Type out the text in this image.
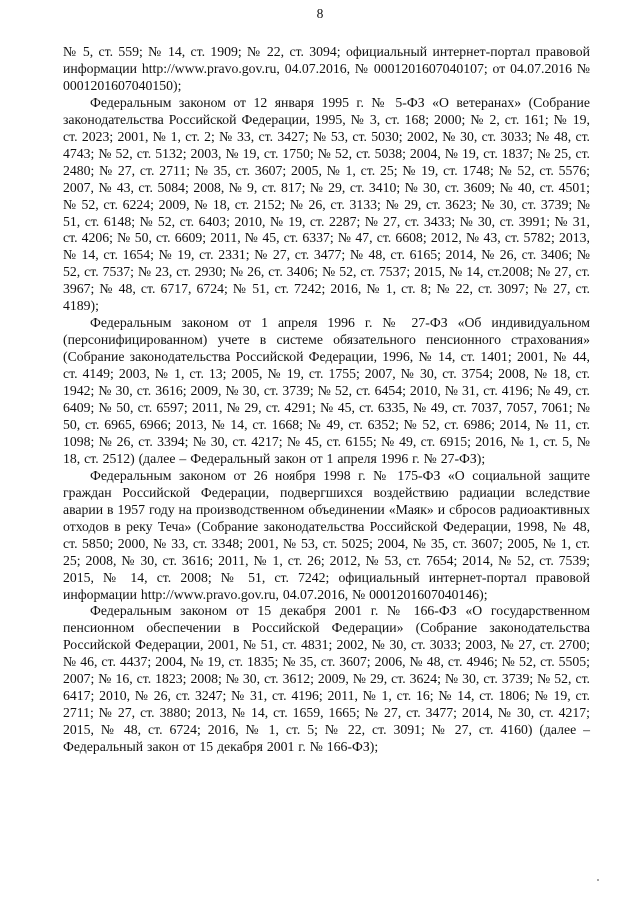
8

№ 5, ст. 559; № 14, ст. 1909; № 22, ст. 3094; официальный интернет-портал правовой информации http://www.pravo.gov.ru, 04.07.2016, № 0001201607040107; от 04.07.2016 № 0001201607040150);

Федеральным законом от 12 января 1995 г. № 5-ФЗ «О ветеранах» (Собрание законодательства Российской Федерации, 1995, № 3, ст. 168; 2000; № 2, ст. 161; № 19, ст. 2023; 2001, № 1, ст. 2; № 33, ст. 3427; № 53, ст. 5030; 2002, № 30, ст. 3033; № 48, ст. 4743; № 52, ст. 5132; 2003, № 19, ст. 1750; № 52, ст. 5038; 2004, № 19, ст. 1837; № 25, ст. 2480; № 27, ст. 2711; № 35, ст. 3607; 2005, № 1, ст. 25; № 19, ст. 1748; № 52, ст. 5576; 2007, № 43, ст. 5084; 2008, № 9, ст. 817; № 29, ст. 3410; № 30, ст. 3609; № 40, ст. 4501; № 52, ст. 6224; 2009, № 18, ст. 2152; № 26, ст. 3133; № 29, ст. 3623; № 30, ст. 3739; № 51, ст. 6148; № 52, ст. 6403; 2010, № 19, ст. 2287; № 27, ст. 3433; № 30, ст. 3991; № 31, ст. 4206; № 50, ст. 6609; 2011, № 45, ст. 6337; № 47, ст. 6608; 2012, № 43, ст. 5782; 2013, № 14, ст. 1654; № 19, ст. 2331; № 27, ст. 3477; № 48, ст. 6165; 2014, № 26, ст. 3406; № 52, ст. 7537; № 23, ст. 2930; № 26, ст. 3406; № 52, ст. 7537; 2015, № 14, ст.2008; № 27, ст. 3967; № 48, ст. 6717, 6724; № 51, ст. 7242; 2016, № 1, ст. 8; № 22, ст. 3097; № 27, ст. 4189);

Федеральным законом от 1 апреля 1996 г. № 27-ФЗ «Об индивидуальном (персонифицированном) учете в системе обязательного пенсионного страхования» (Собрание законодательства Российской Федерации, 1996, № 14, ст. 1401; 2001, № 44, ст. 4149; 2003, № 1, ст. 13; 2005, № 19, ст. 1755; 2007, № 30, ст. 3754; 2008, № 18, ст. 1942; № 30, ст. 3616; 2009, № 30, ст. 3739; № 52, ст. 6454; 2010, № 31, ст. 4196; № 49, ст. 6409; № 50, ст. 6597; 2011, № 29, ст. 4291; № 45, ст. 6335, № 49, ст. 7037, 7057, 7061; № 50, ст. 6965, 6966; 2013, № 14, ст. 1668; № 49, ст. 6352; № 52, ст. 6986; 2014, № 11, ст. 1098; № 26, ст. 3394; № 30, ст. 4217; № 45, ст. 6155; № 49, ст. 6915; 2016, № 1, ст. 5, № 18, ст. 2512) (далее – Федеральный закон от 1 апреля 1996 г. № 27-ФЗ);

Федеральным законом от 26 ноября 1998 г. № 175-ФЗ «О социальной защите граждан Российской Федерации, подвергшихся воздействию радиации вследствие аварии в 1957 году на производственном объединении «Маяк» и сбросов радиоактивных отходов в реку Теча» (Собрание законодательства Российской Федерации, 1998, № 48, ст. 5850; 2000, № 33, ст. 3348; 2001, № 53, ст. 5025; 2004, № 35, ст. 3607; 2005, № 1, ст. 25; 2008, № 30, ст. 3616; 2011, № 1, ст. 26; 2012, № 53, ст. 7654; 2014, № 52, ст. 7539; 2015, № 14, ст. 2008; № 51, ст. 7242; официальный интернет-портал правовой информации http://www.pravo.gov.ru, 04.07.2016, № 0001201607040146);

Федеральным законом от 15 декабря 2001 г. № 166-ФЗ «О государственном пенсионном обеспечении в Российской Федерации» (Собрание законодательства Российской Федерации, 2001, № 51, ст. 4831; 2002, № 30, ст. 3033; 2003, № 27, ст. 2700; № 46, ст. 4437; 2004, № 19, ст. 1835; № 35, ст. 3607; 2006, № 48, ст. 4946; № 52, ст. 5505; 2007; № 16, ст. 1823; 2008; № 30, ст. 3612; 2009, № 29, ст. 3624; № 30, ст. 3739; № 52, ст. 6417; 2010, № 26, ст. 3247; № 31, ст. 4196; 2011, № 1, ст. 16; № 14, ст. 1806; № 19, ст. 2711; № 27, ст. 3880; 2013, № 14, ст. 1659, 1665; № 27, ст. 3477; 2014, № 30, ст. 4217; 2015, № 48, ст. 6724; 2016, № 1, ст. 5; № 22, ст. 3091; № 27, ст. 4160) (далее – Федеральный закон от 15 декабря 2001 г. № 166-ФЗ);
